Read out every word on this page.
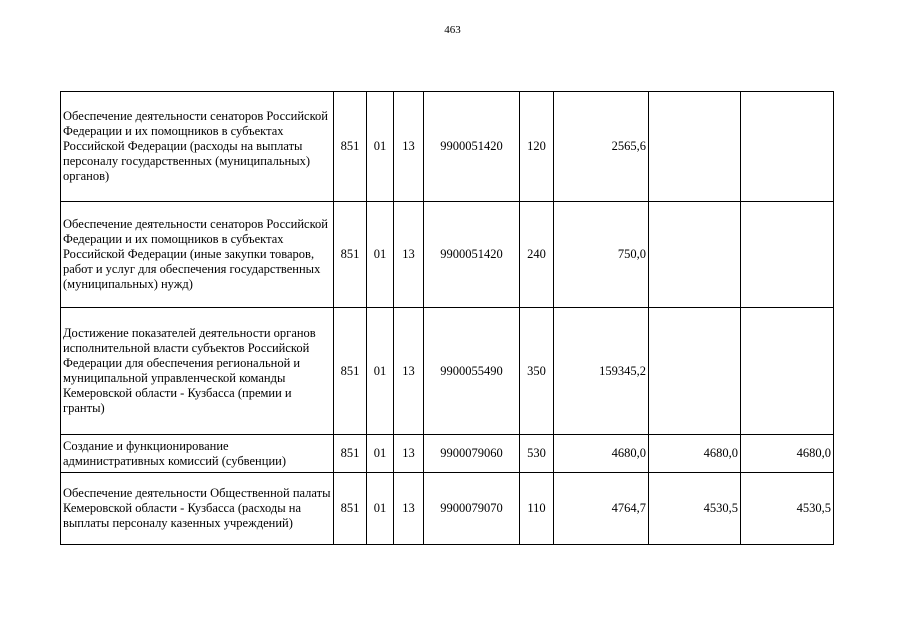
463
Обеспечение деятельности сенаторов Российской Федерации и их помощников в субъектах Российской Федерации (расходы на выплаты персоналу государственных (муниципальных) органов)	851	01	13	9900051420	120	2565,6		
Обеспечение деятельности сенаторов Российской Федерации и их помощников в субъектах Российской Федерации (иные закупки товаров, работ и услуг для обеспечения государственных (муниципальных) нужд)	851	01	13	9900051420	240	750,0		
Достижение показателей деятельности органов исполнительной власти субъектов Российской Федерации для обеспечения региональной и муниципальной управленческой команды Кемеровской области - Кузбасса (премии и гранты)	851	01	13	9900055490	350	159345,2		
Создание и функционирование административных комиссий (субвенции)	851	01	13	9900079060	530	4680,0	4680,0	4680,0
Обеспечение деятельности Общественной палаты Кемеровской области - Кузбасса (расходы на выплаты персоналу казенных учреждений)	851	01	13	9900079070	110	4764,7	4530,5	4530,5
